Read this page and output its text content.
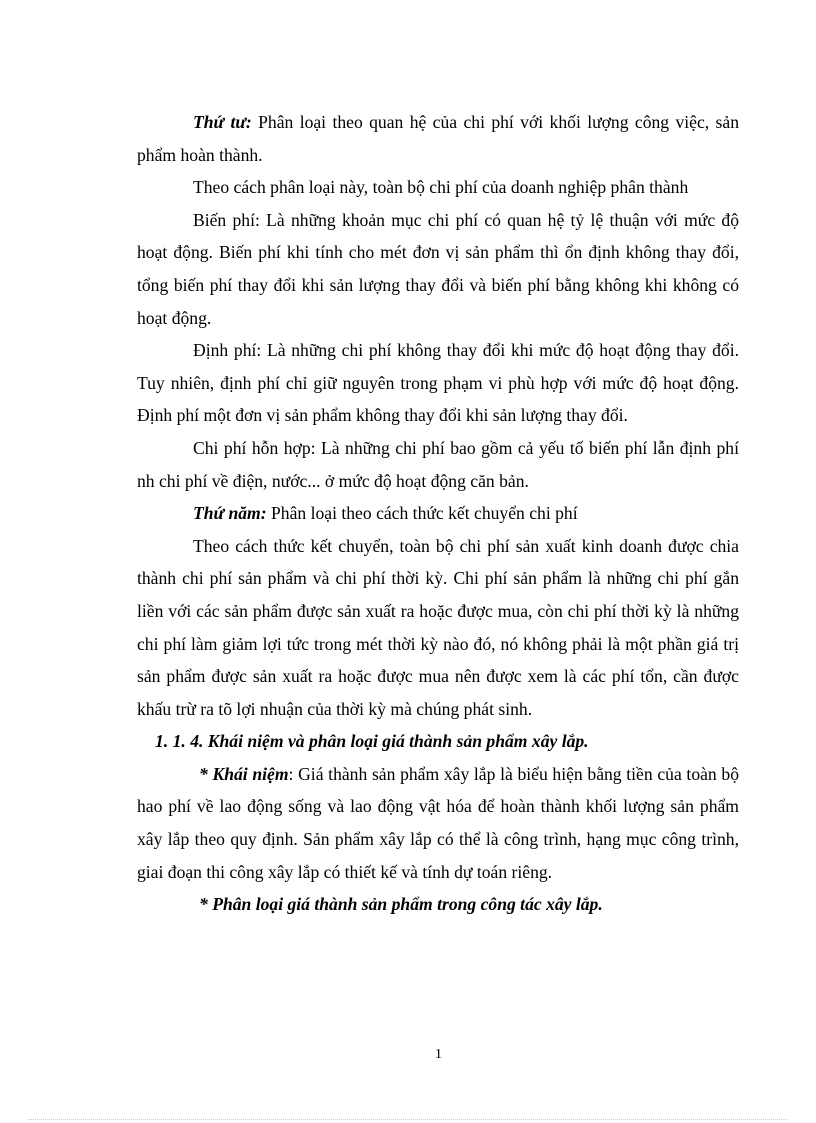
Thứ tư: Phân loại theo quan hệ của chi phí với khối lượng công việc, sản phẩm hoàn thành.

Theo cách phân loại này, toàn bộ chi phí của doanh nghiệp phân thành

Biến phí: Là những khoản mục chi phí có quan hệ tỷ lệ thuận với mức độ hoạt động. Biến phí khi tính cho mét đơn vị sản phẩm thì ổn định không thay đổi, tổng biến phí thay đổi khi sản lượng thay đổi và biến phí bằng không khi không có hoạt động.

Định phí: Là những chi phí không thay đổi khi mức độ hoạt động thay đổi. Tuy nhiên, định phí chỉ giữ nguyên trong phạm vi phù hợp với mức độ hoạt động. Định phí một đơn vị sản phẩm không thay đổi khi sản lượng thay đổi.

Chi phí hỗn hợp: Là những chi phí bao gồm cả yếu tố biến phí lẫn định phí nh chi phí về điện, nước... ở mức độ hoạt động căn bản.

Thứ năm: Phân loại theo cách thức kết chuyển chi phí

Theo cách thức kết chuyển, toàn bộ chi phí sản xuất kinh doanh được chia thành chi phí sản phẩm và chi phí thời kỳ. Chi phí sản phẩm là những chi phí gắn liền với các sản phẩm được sản xuất ra hoặc được mua, còn chi phí thời kỳ là những chi phí làm giảm lợi tức trong mét thời kỳ nào đó, nó không phải là một phần giá trị sản phẩm được sản xuất ra hoặc được mua nên được xem là các phí tổn, cần được khấu trừ ra tõ lợi nhuận của thời kỳ mà chúng phát sinh.

1. 1. 4. Khái niệm và phân loại giá thành sản phẩm xây lắp.

* Khái niệm: Giá thành sản phẩm xây lắp là biểu hiện bằng tiền của toàn bộ hao phí về lao động sống và lao động vật hóa để hoàn thành khối lượng sản phẩm xây lắp theo quy định. Sản phẩm xây lắp có thể là công trình, hạng mục công trình, giai đoạn thi công xây lắp có thiết kế và tính dự toán riêng.

* Phân loại giá thành sản phẩm trong công tác xây lắp.

1
